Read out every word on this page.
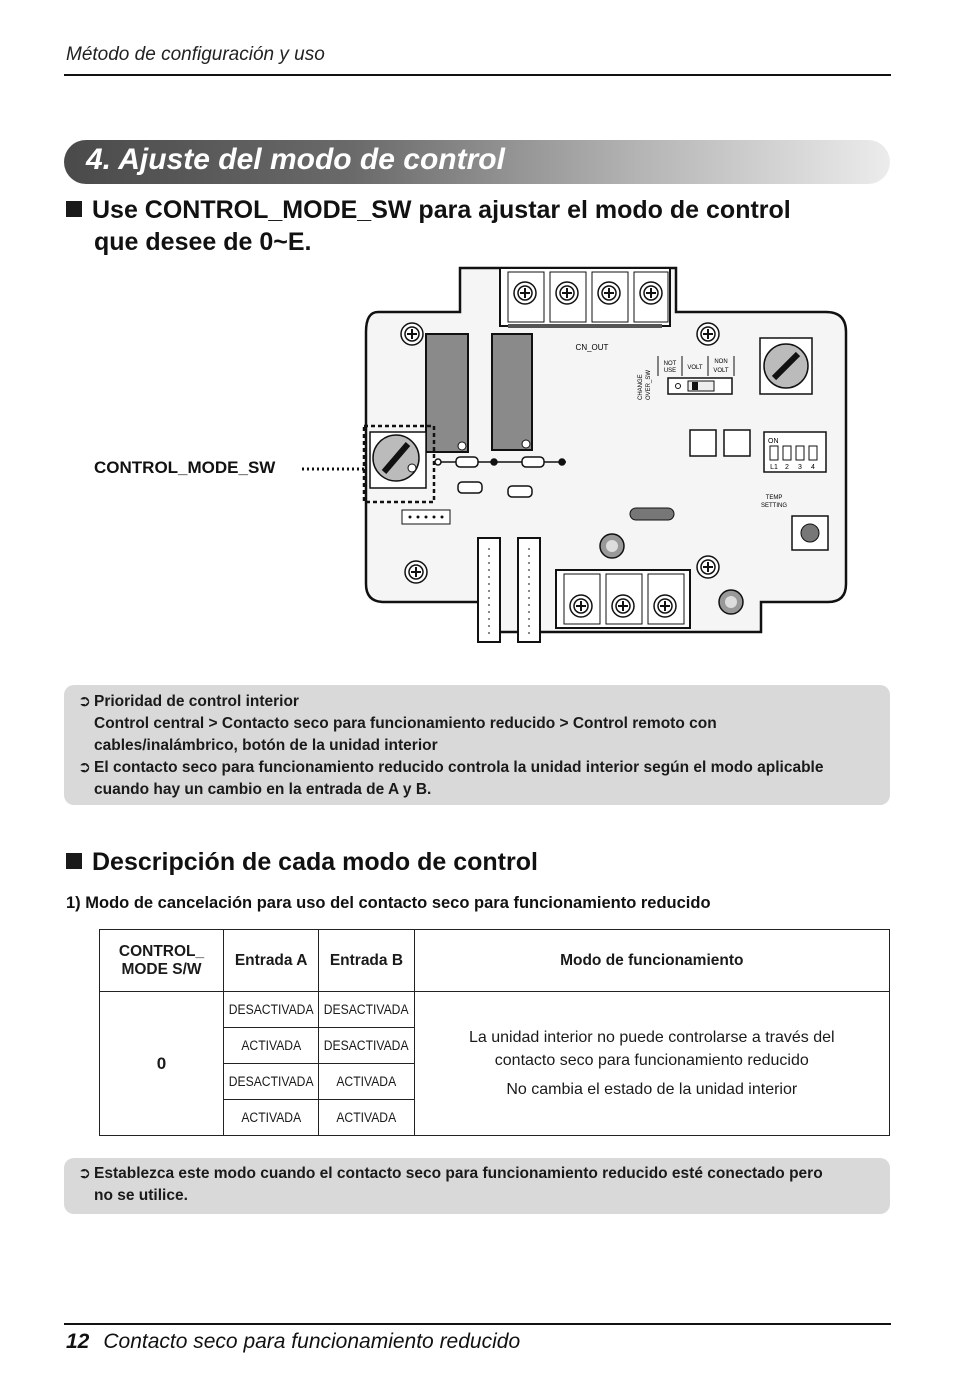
Método de configuración y uso
4. Ajuste del modo de control
Use CONTROL_MODE_SW para ajustar el modo de control
que desee de 0~E.
CONTROL_MODE_SW
CN_OUT
CHANGE OVER_SW
NOT
USE VOLT
NON
VOLT
ON
L1 2 3 4
TEMP
SETTING
➲ Prioridad de control interior
Control central > Contacto seco para funcionamiento reducido > Control remoto con
cables/inalámbrico, botón de la unidad interior
➲ El contacto seco para funcionamiento reducido controla la unidad interior según el modo aplicable
cuando hay un cambio en la entrada de A y B.
Descripción de cada modo de control
1) Modo de cancelación para uso del contacto seco para funcionamiento reducido
CONTROL_
MODE S/W	Entrada A	Entrada B	Modo de funcionamiento
0	DESACTIVADA	DESACTIVADA	La unidad interior no puede controlarse a través del
contacto seco para funcionamiento reducido
No cambia el estado de la unidad interior

	ACTIVADA	DESACTIVADA	
	DESACTIVADA	ACTIVADA	
	ACTIVADA	ACTIVADA	
➲ Establezca este modo cuando el contacto seco para funcionamiento reducido esté conectado pero
no se utilice.
12 Contacto seco para funcionamiento reducido
